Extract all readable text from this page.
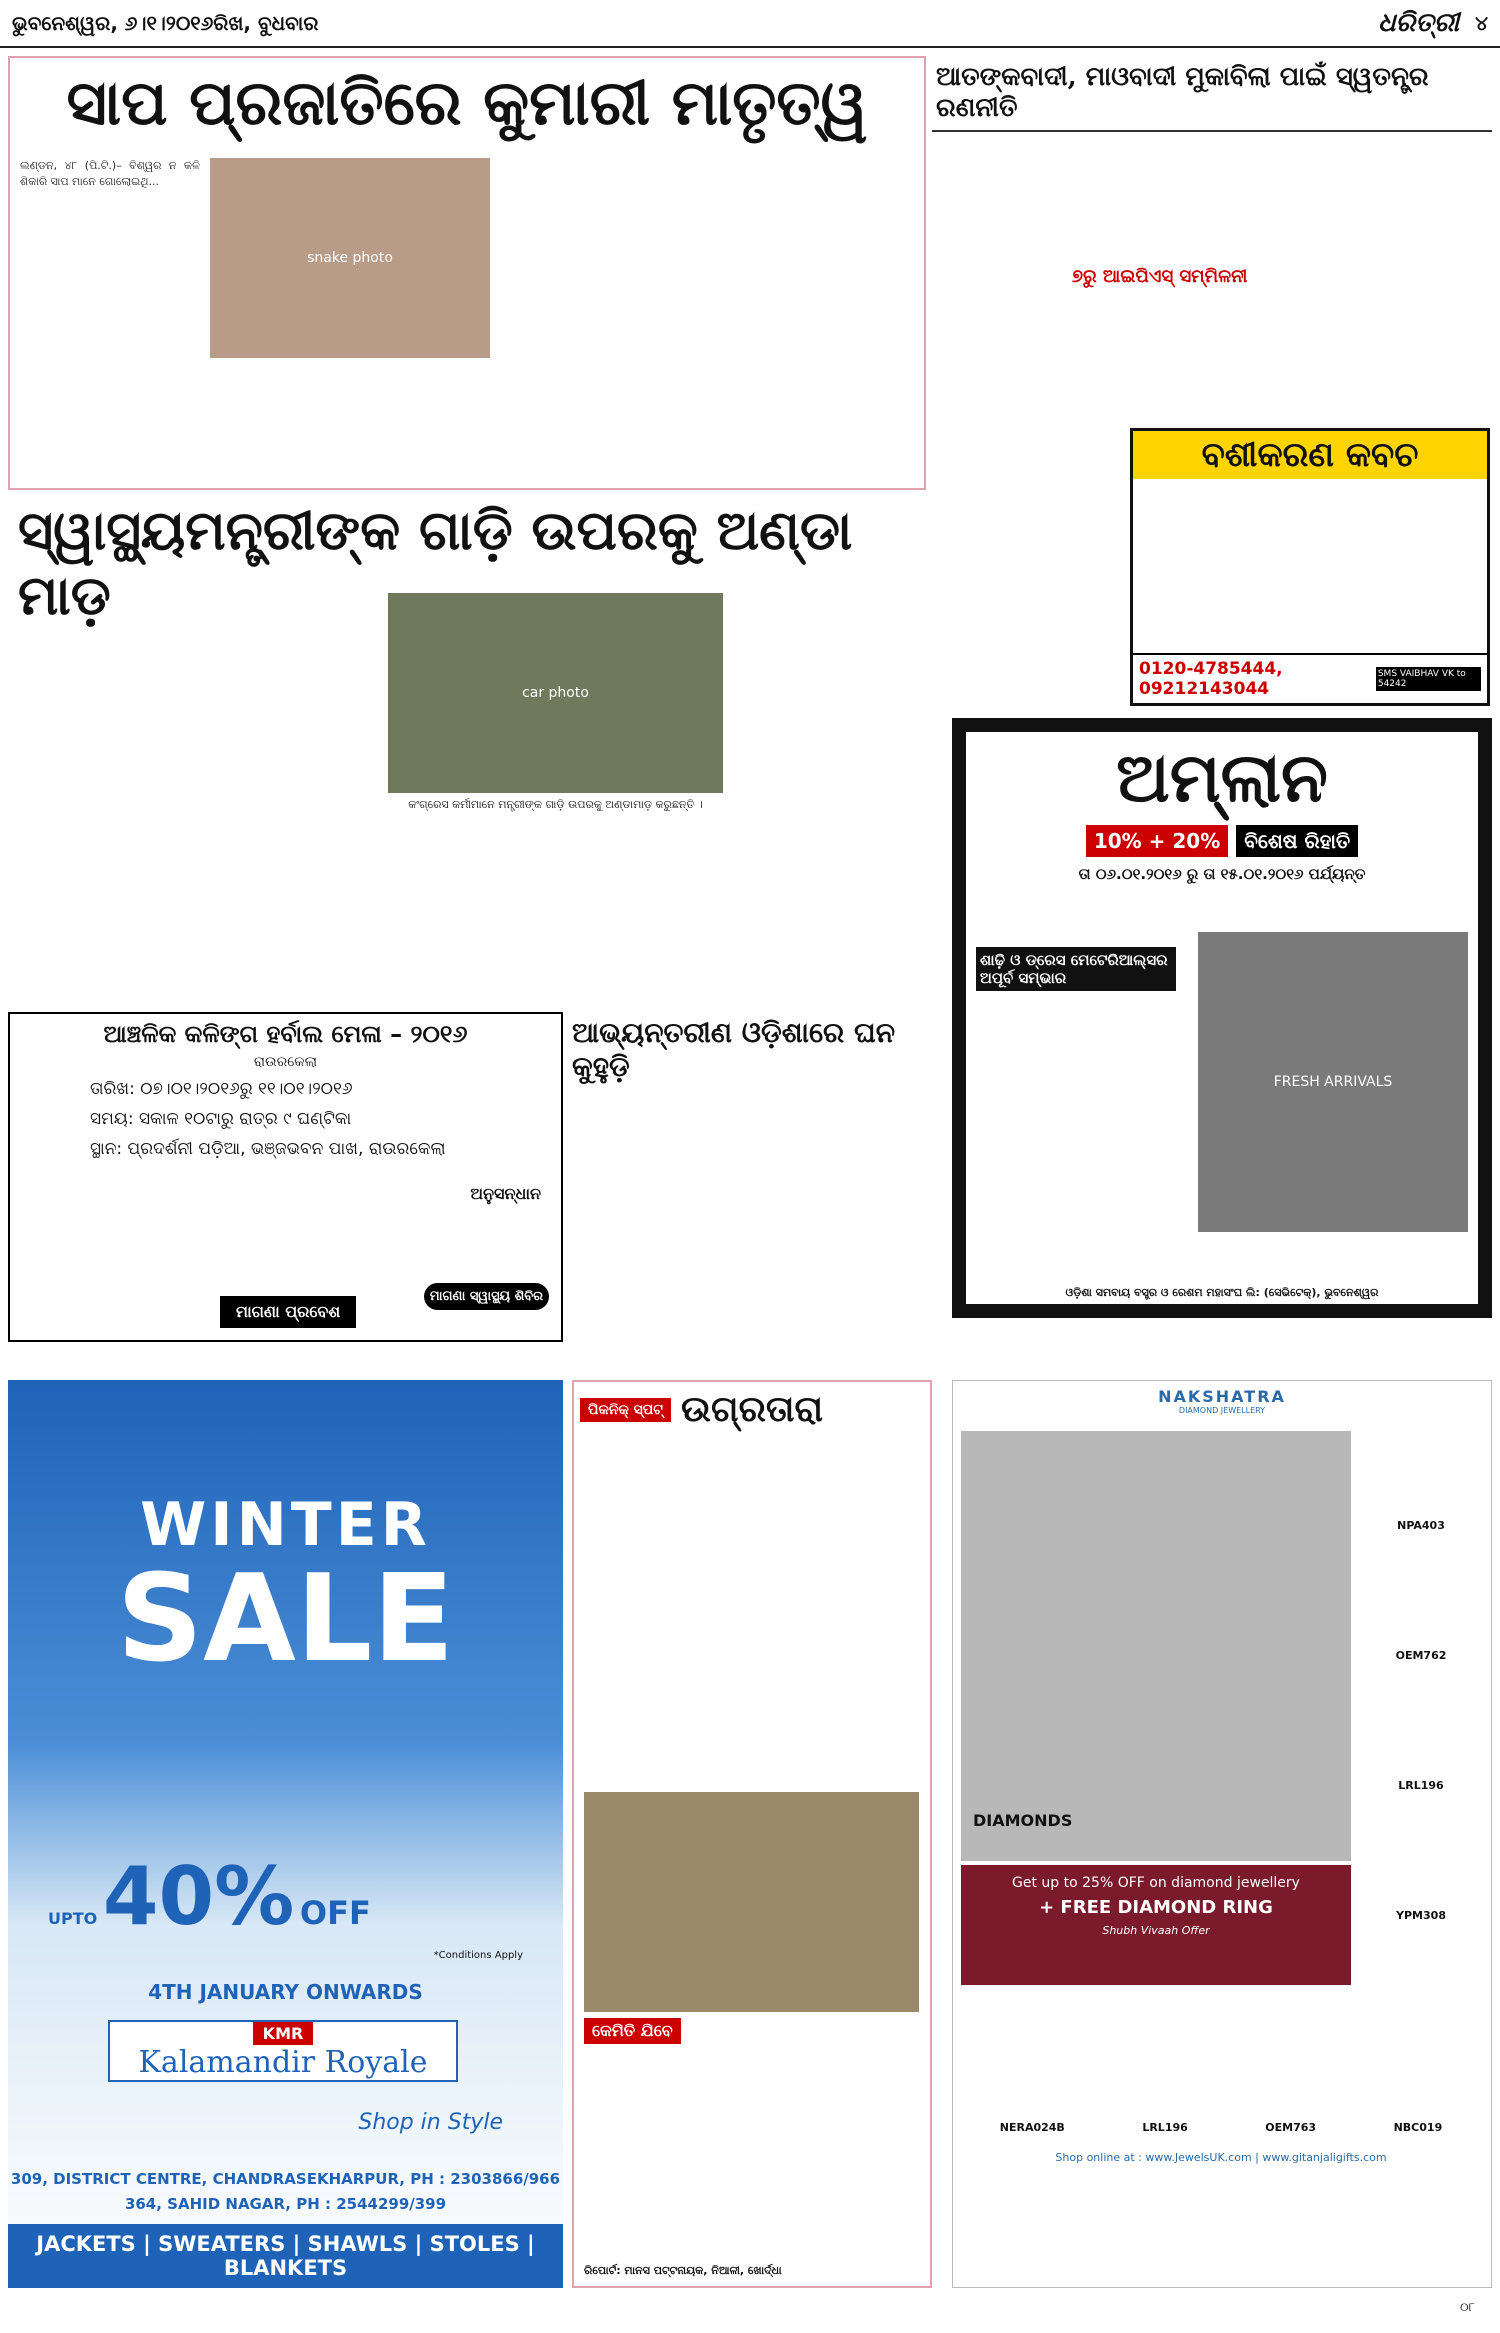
ଭୁବନେଶ୍ୱର, ୬।୧।୨୦୧୬ରିଖ, ବୁଧବାର	ଧରିତ୍ରୀ ୪
ସାପ ପ୍ରଜାତିରେ କୁମାରୀ ମାତୃତ୍ୱ
snake photo
ଲଣ୍ଡନ, ୪୮ (ପି.ଟି.)– ବିଶ୍ୱର ନ କଳି ଶିକାରି ସାପ ମାନେ ଗୋଲୋଇଥି...
ଆତଙ୍କବାଦୀ, ମାଓବାଦୀ ମୁକାବିଲା ପାଇଁ ସ୍ୱତନ୍ତ୍ର ରଣନୀତି
୭ରୁ ଆଇପିଏସ୍ ସମ୍ମିଳନୀ
ବଶୀକରଣ କବଚ
0120-4785444, 09212143044
SMS VAIBHAV VK to 54242
ସ୍ୱାସ୍ଥ୍ୟମନ୍ତ୍ରୀଙ୍କ ଗାଡ଼ି ଉପରକୁ ଅଣ୍ଡା ମାଡ଼
car photo
କଂଗ୍ରେସ କର୍ମୀମାନେ ମନ୍ତ୍ରୀଙ୍କ ଗାଡ଼ି ଉପରକୁ ଅଣ୍ଡାମାଡ଼ କରୁଛନ୍ତି ।	ଅମ୍ଲାନ
10% + 20%	ବିଶେଷ ରିହାତି
ତା ୦୬.୦୧.୨୦୧୬ ରୁ ତା ୧୫.୦୧.୨୦୧୬ ପର୍ଯ୍ୟନ୍ତ
ଶାଢ଼ି ଓ ଡ୍ରେସ ମେଟେରିଆଲ୍ସର ଅପୂର୍ବ ସମ୍ଭାର
FRESH ARRIVALS
ଓଡ଼ିଶା ସମବାୟ ବସ୍ତ୍ର ଓ ରେଶମ ମହାସଂଘ ଲି: (ସେଭିଟେକ୍), ଭୁବନେଶ୍ୱର
ଆଞ୍ଚଳିକ କଳିଙ୍ଗ ହର୍ବାଲ ମେଳା – ୨୦୧୬
ରାଉରକେଲା
ତାରିଖ: ୦୭।୦୧।୨୦୧୬ରୁ ୧୧।୦୧।୨୦୧୬
ସମୟ: ସକାଳ ୧୦ଟାରୁ ରାତ୍ର ୯ ଘଣ୍ଟିକା
ସ୍ଥାନ: ପ୍ରଦର୍ଶନୀ ପଡ଼ିଆ, ଭଞ୍ଜଭବନ ପାଖ, ରାଉରକେଲା
ଅନୁସନ୍ଧାନ
ମାଗଣା ପ୍ରବେଶ
ମାଗଣା ସ୍ୱାସ୍ଥ୍ୟ ଶିବିର
ଆଭ୍ୟନ୍ତରୀଣ ଓଡ଼ିଶାରେ ଘନ କୁହୁଡ଼ି
WINTER
SALE
UPTO 40% OFF
*Conditions Apply
4TH JANUARY ONWARDS
KMR
Kalamandir Royale
Shop in Style
309, DISTRICT CENTRE, CHANDRASEKHARPUR, PH : 2303866/966
364, SAHID NAGAR, PH : 2544299/399
JACKETS | SWEATERS | SHAWLS | STOLES | BLANKETS
ପିକନିକ୍ ସ୍ପଟ୍ ଉଗ୍ରତାରା
କେମିତି ଯିବେ
ରିପୋର୍ଟ: ମାନସ ପଟ୍ଟନାୟକ, ନିଆଳୀ, ଖୋର୍ଦ୍ଧା
NAKSHATRA
DIAMOND JEWELLERY
DIAMONDS
Get up to 25% OFF on diamond jewellery
+ FREE DIAMOND RING
Shubh Vivaah Offer
NPA403
OEM762
LRL196
YPM308
NERA024B	LRL196	OEM763	NBC019
Shop online at : www.JewelsUK.com | www.gitanjaligifts.com
୦୮
